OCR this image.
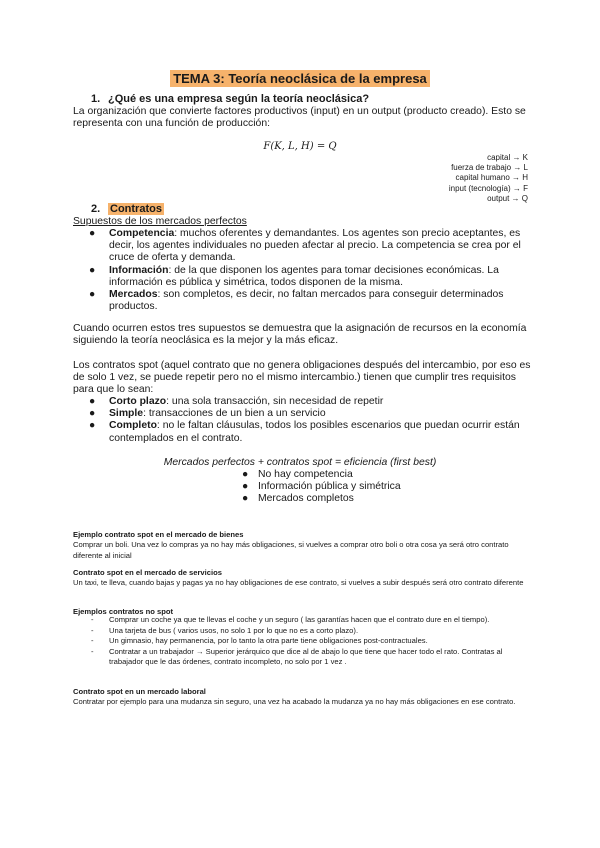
TEMA 3: Teoría neoclásica de la empresa
1. ¿Qué es una empresa según la teoría neoclásica?
La organización que convierte factores productivos (input) en un output (producto creado). Esto se representa con una función de producción:
F(K, L, H) = Q
capital → K
fuerza de trabajo → L
capital humano → H
input (tecnología) → F
output → Q
2. Contratos
Supuestos de los mercados perfectos
● Competencia: muchos oferentes y demandantes. Los agentes son precio aceptantes, es decir, los agentes individuales no pueden afectar al precio. La competencia se crea por el cruce de oferta y demanda.
● Información: de la que disponen los agentes para tomar decisiones económicas. La información es pública y simétrica, todos disponen de la misma.
● Mercados: son completos, es decir, no faltan mercados para conseguir determinados productos.
Cuando ocurren estos tres supuestos se demuestra que la asignación de recursos en la economía siguiendo la teoría neoclásica es la mejor y la más eficaz.
Los contratos spot (aquel contrato que no genera obligaciones después del intercambio, por eso es de solo 1 vez, se puede repetir pero no el mismo intercambio.) tienen que cumplir tres requisitos para que lo sean:
● Corto plazo: una sola transacción, sin necesidad de repetir
● Simple: transacciones de un bien a un servicio
● Completo: no le faltan cláusulas, todos los posibles escenarios que puedan ocurrir están contemplados en el contrato.
Mercados perfectos + contratos spot = eficiencia (first best)
● No hay competencia
● Información pública y simétrica
● Mercados completos
Ejemplo contrato spot en el mercado de bienes
Comprar un boli. Una vez lo compras ya no hay más obligaciones, si vuelves a comprar otro boli o otra cosa ya será otro contrato diferente al inicial
Contrato spot en el mercado de servicios
Un taxi, te lleva, cuando bajas y pagas ya no hay obligaciones de ese contrato, si vuelves a subir después será otro contrato diferente
Ejemplos contratos no spot
- Comprar un coche ya que te llevas el coche y un seguro ( las garantías hacen que el contrato dure en el tiempo).
- Una tarjeta de bus ( varios usos, no solo 1 por lo que no es a corto plazo).
- Un gimnasio, hay permanencia, por lo tanto la otra parte tiene obligaciones post-contractuales.
- Contratar a un trabajador → Superior jerárquico que dice al de abajo lo que tiene que hacer todo el rato. Contratas al trabajador que le das órdenes, contrato incompleto, no solo por 1 vez .
Contrato spot en un mercado laboral
Contratar por ejemplo para una mudanza sin seguro, una vez ha acabado la mudanza ya no hay más obligaciones en ese contrato.
